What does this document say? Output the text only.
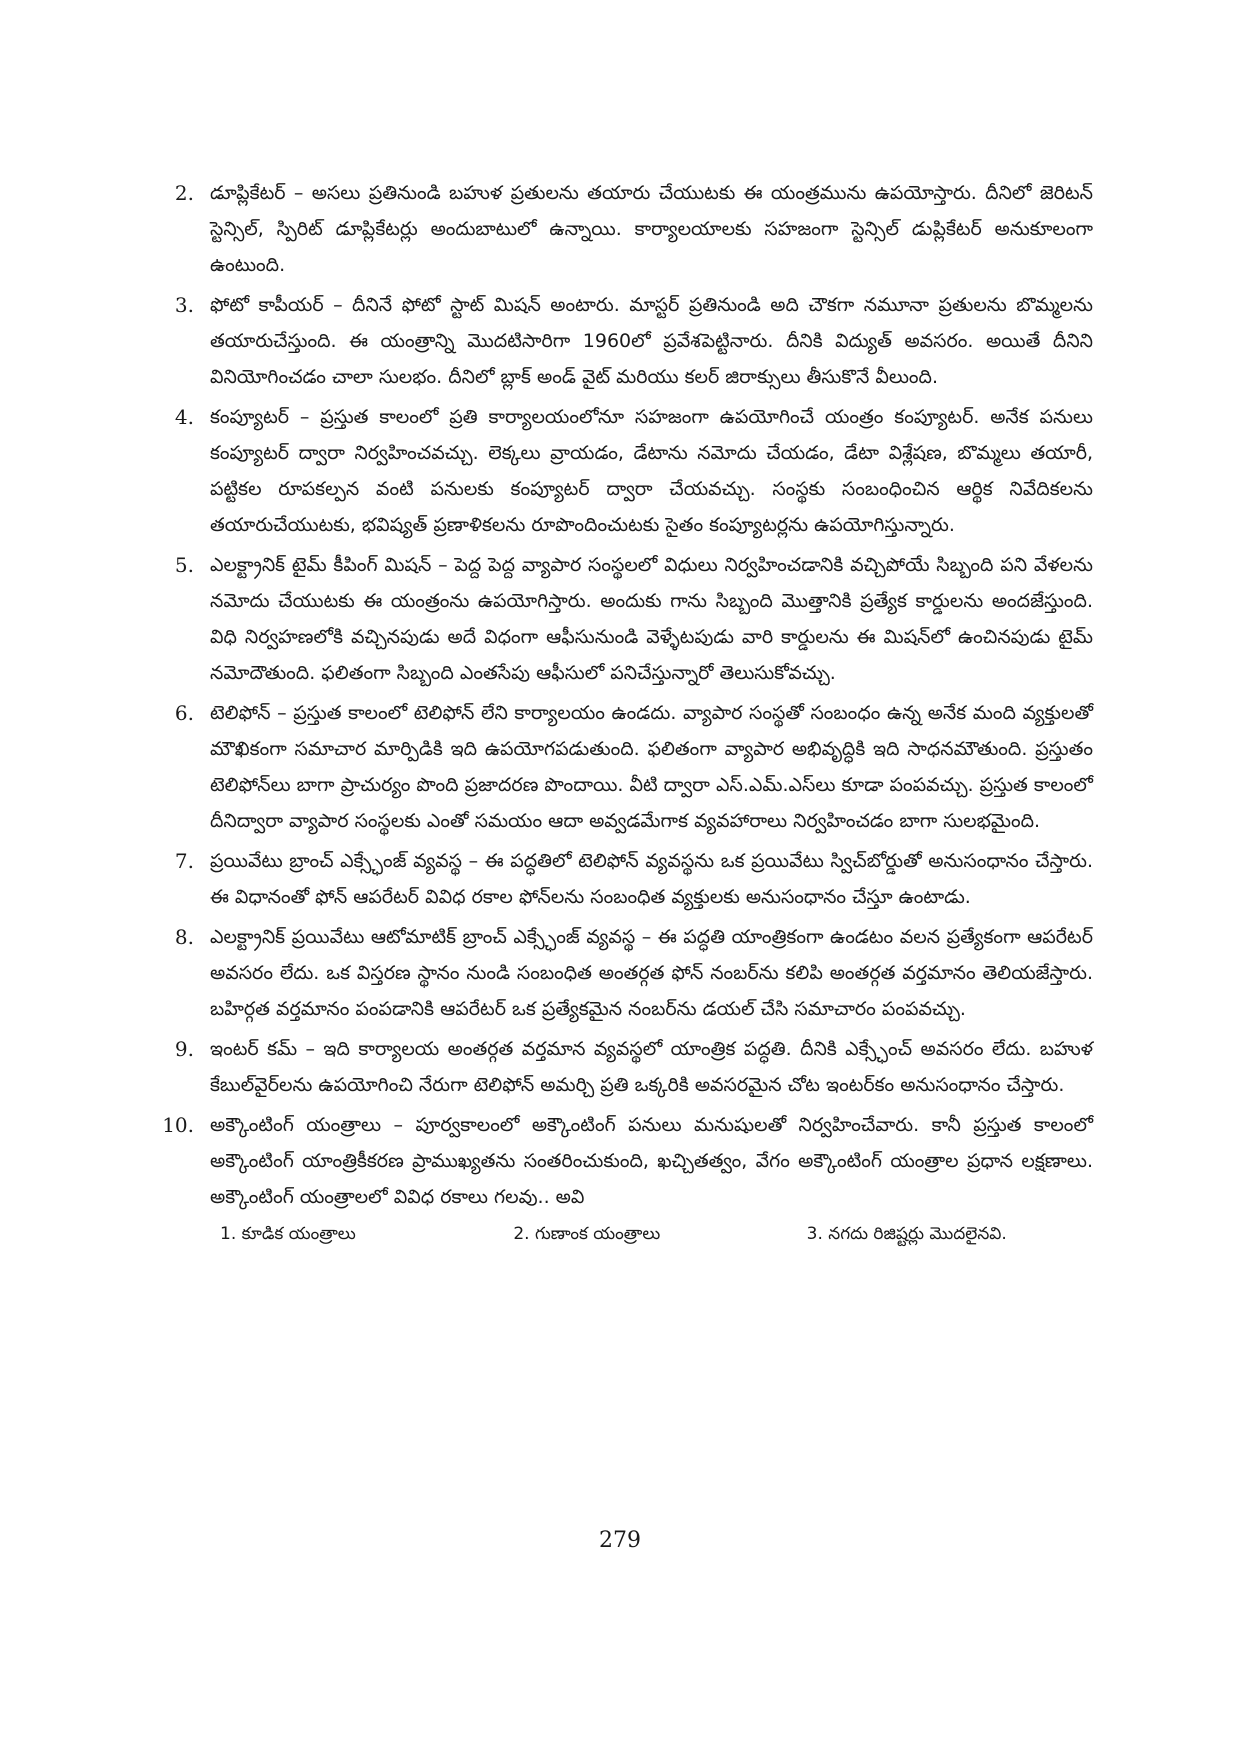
2. డూప్లికేటర్ – అసలు ప్రతినుండి బహుళ ప్రతులను తయారు చేయుటకు ఈ యంత్రమును ఉపయోస్తారు. దీనిలో జెరిటన్ స్టెన్సిల్, స్పిరిట్ డూప్లికేటర్లు అందుబాటులో ఉన్నాయి. కార్యాలయాలకు సహజంగా స్టెన్సిల్ డుప్లికేటర్ అనుకూలంగా ఉంటుంది.
3. ఫోటో కాపీయర్ – దీనినే ఫోటో స్టాట్ మిషన్ అంటారు. మాస్టర్ ప్రతినుండి అది చౌకగా నమూనా ప్రతులను బొమ్మలను తయారుచేస్తుంది. ఈ యంత్రాన్ని మొదటిసారిగా 1960లో ప్రవేశపెట్టినారు. దీనికి విద్యుత్ అవసరం. అయితే దీనిని వినియోగించడం చాలా సులభం. దీనిలో బ్లాక్ అండ్ వైట్ మరియు కలర్ జిరాక్సులు తీసుకొనే వీలుంది.
4. కంప్యూటర్ – ప్రస్తుత కాలంలో ప్రతి కార్యాలయంలోనూ సహజంగా ఉపయోగించే యంత్రం కంప్యూటర్. అనేక పనులు కంప్యూటర్ ద్వారా నిర్వహించవచ్చు. లెక్కలు వ్రాయడం, డేటాను నమోదు చేయడం, డేటా విశ్లేషణ, బొమ్మలు తయారీ, పట్టికల రూపకల్పన వంటి పనులకు కంప్యూటర్ ద్వారా చేయవచ్చు. సంస్థకు సంబంధించిన ఆర్థిక నివేదికలను తయారుచేయుటకు, భవిష్యత్ ప్రణాళికలను రూపొందించుటకు సైతం కంప్యూటర్లను ఉపయోగిస్తున్నారు.
5. ఎలక్ట్రానిక్ టైమ్ కీపింగ్ మిషన్ – పెద్ద పెద్ద వ్యాపార సంస్థలలో విధులు నిర్వహించడానికి వచ్చిపోయే సిబ్బంది పని వేళలను నమోదు చేయుటకు ఈ యంత్రంను ఉపయోగిస్తారు. అందుకు గాను సిబ్బంది మొత్తానికి ప్రత్యేక కార్డులను అందజేస్తుంది. విధి నిర్వహణలోకి వచ్చినపుడు అదే విధంగా ఆఫీసునుండి వెళ్ళేటపుడు వారి కార్డులను ఈ మిషన్‌లో ఉంచినపుడు టైమ్ నమోదౌతుంది. ఫలితంగా సిబ్బంది ఎంతసేపు ఆఫీసులో పనిచేస్తున్నారో తెలుసుకోవచ్చు.
6. టెలిఫోన్ – ప్రస్తుత కాలంలో టెలిఫోన్ లేని కార్యాలయం ఉండదు. వ్యాపార సంస్థతో సంబంధం ఉన్న అనేక మంది వ్యక్తులతో మౌఖికంగా సమాచార మార్పిడికి ఇది ఉపయోగపడుతుంది. ఫలితంగా వ్యాపార అభివృద్ధికి ఇది సాధనమౌతుంది. ప్రస్తుతం టెలిఫోన్‌లు బాగా ప్రాచుర్యం పొంది ప్రజాదరణ పొందాయి. వీటి ద్వారా ఎస్.ఎమ్.ఎస్‌లు కూడా పంపవచ్చు. ప్రస్తుత కాలంలో దీనిద్వారా వ్యాపార సంస్థలకు ఎంతో సమయం ఆదా అవ్వడమేగాక వ్యవహారాలు నిర్వహించడం బాగా సులభమైంది.
7. ప్రయివేటు బ్రాంచ్ ఎక్స్ఛేంజ్ వ్యవస్థ – ఈ పద్ధతిలో టెలిఫోన్ వ్యవస్థను ఒక ప్రయివేటు స్విచ్‌బోర్డుతో అనుసంధానం చేస్తారు. ఈ విధానంతో ఫోన్ ఆపరేటర్ వివిధ రకాల ఫోన్‌లను సంబంధిత వ్యక్తులకు అనుసంధానం చేస్తూ ఉంటాడు.
8. ఎలక్ట్రానిక్ ప్రయివేటు ఆటోమాటిక్ బ్రాంచ్ ఎక్స్ఛేంజ్ వ్యవస్థ – ఈ పద్ధతి యాంత్రికంగా ఉండటం వలన ప్రత్యేకంగా ఆపరేటర్ అవసరం లేదు. ఒక విస్తరణ స్థానం నుండి సంబంధిత అంతర్గత ఫోన్ నంబర్‌ను కలిపి అంతర్గత వర్తమానం తెలియజేస్తారు. బహిర్గత వర్తమానం పంపడానికి ఆపరేటర్ ఒక ప్రత్యేకమైన నంబర్‌ను డయల్ చేసి సమాచారం పంపవచ్చు.
9. ఇంటర్ కమ్ – ఇది కార్యాలయ అంతర్గత వర్తమాన వ్యవస్థలో యాంత్రిక పద్ధతి. దీనికి ఎక్స్ఛేంచ్ అవసరం లేదు. బహుళ కేబుల్‌వైర్‌లను ఉపయోగించి నేరుగా టెలిఫోన్ అమర్చి ప్రతి ఒక్కరికి అవసరమైన చోట ఇంటర్‌కం అనుసంధానం చేస్తారు.
10. అక్కౌంటింగ్ యంత్రాలు – పూర్వకాలంలో అక్కౌంటింగ్ పనులు మనుషులతో నిర్వహించేవారు. కానీ ప్రస్తుత కాలంలో అక్కౌంటింగ్ యాంత్రికీకరణ ప్రాముఖ్యతను సంతరించుకుంది, ఖచ్చితత్వం, వేగం అక్కౌంటింగ్ యంత్రాల ప్రధాన లక్షణాలు. అక్కౌంటింగ్ యంత్రాలలో వివిధ రకాలు గలవు.. అవి
1. కూడిక యంత్రాలు	2. గుణాంక యంత్రాలు	3. నగదు రిజిష్టర్లు మొదలైనవి.
279
